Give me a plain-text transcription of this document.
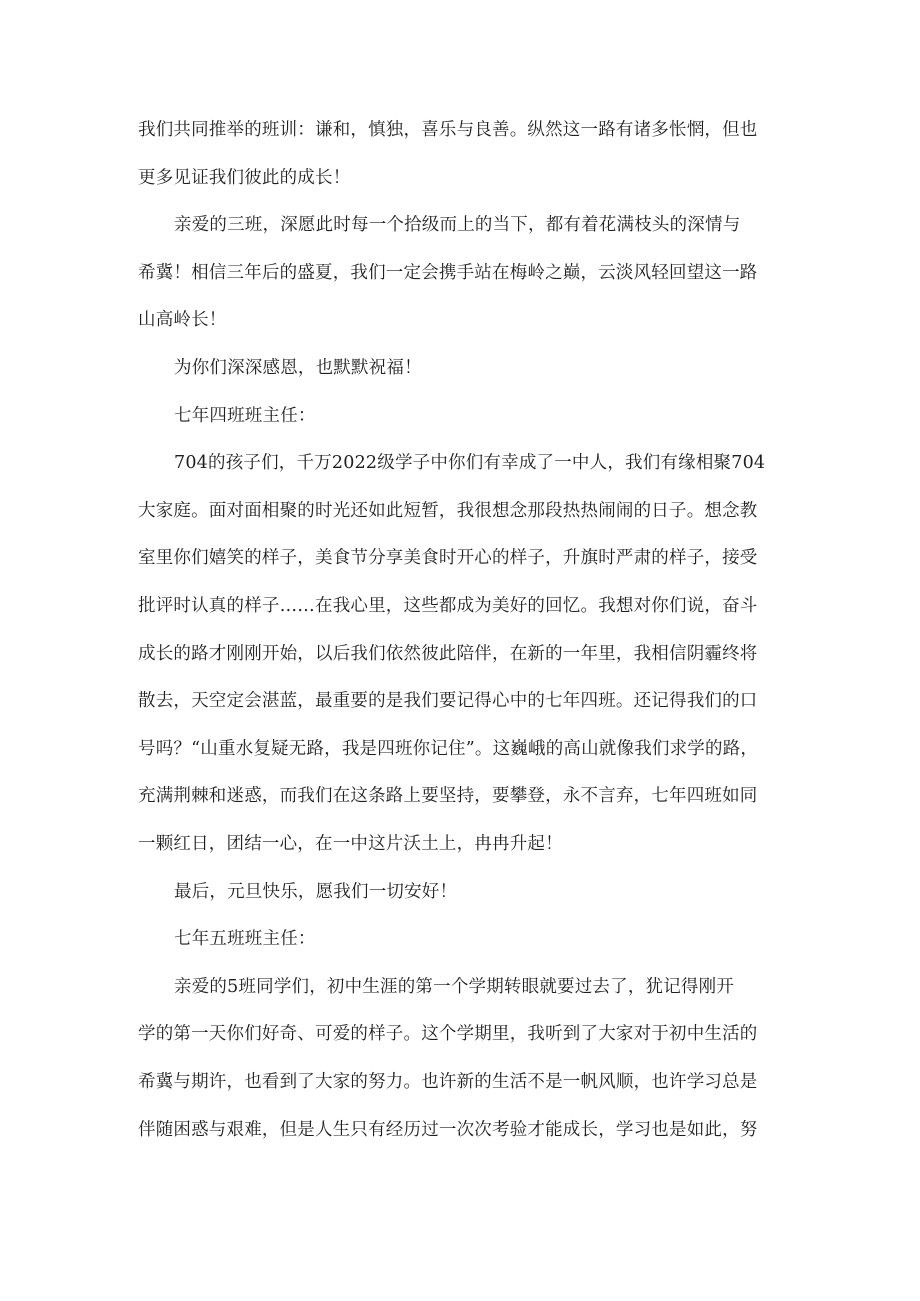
我们共同推举的班训：谦和，慎独，喜乐与良善。纵然这一路有诸多怅惘，但也
更多见证我们彼此的成长！
亲爱的三班，深愿此时每一个拾级而上的当下，都有着花满枝头的深情与
希冀！相信三年后的盛夏，我们一定会携手站在梅岭之巅，云淡风轻回望这一路
山高岭长！
为你们深深感恩，也默默祝福！
七年四班班主任：
704的孩子们，千万2022级学子中你们有幸成了一中人，我们有缘相聚704
大家庭。面对面相聚的时光还如此短暂，我很想念那段热热闹闹的日子。想念教
室里你们嬉笑的样子，美食节分享美食时开心的样子，升旗时严肃的样子，接受
批评时认真的样子……在我心里，这些都成为美好的回忆。我想对你们说，奋斗
成长的路才刚刚开始，以后我们依然彼此陪伴，在新的一年里，我相信阴霾终将
散去，天空定会湛蓝，最重要的是我们要记得心中的七年四班。还记得我们的口
号吗？“山重水复疑无路，我是四班你记住”。这巍峨的高山就像我们求学的路，
充满荆棘和迷惑，而我们在这条路上要坚持，要攀登，永不言弃，七年四班如同
一颗红日，团结一心，在一中这片沃土上，冉冉升起！
最后，元旦快乐，愿我们一切安好！
七年五班班主任：
亲爱的5班同学们，初中生涯的第一个学期转眼就要过去了，犹记得刚开
学的第一天你们好奇、可爱的样子。这个学期里，我听到了大家对于初中生活的
希冀与期许，也看到了大家的努力。也许新的生活不是一帆风顺，也许学习总是
伴随困惑与艰难，但是人生只有经历过一次次考验才能成长，学习也是如此，努
